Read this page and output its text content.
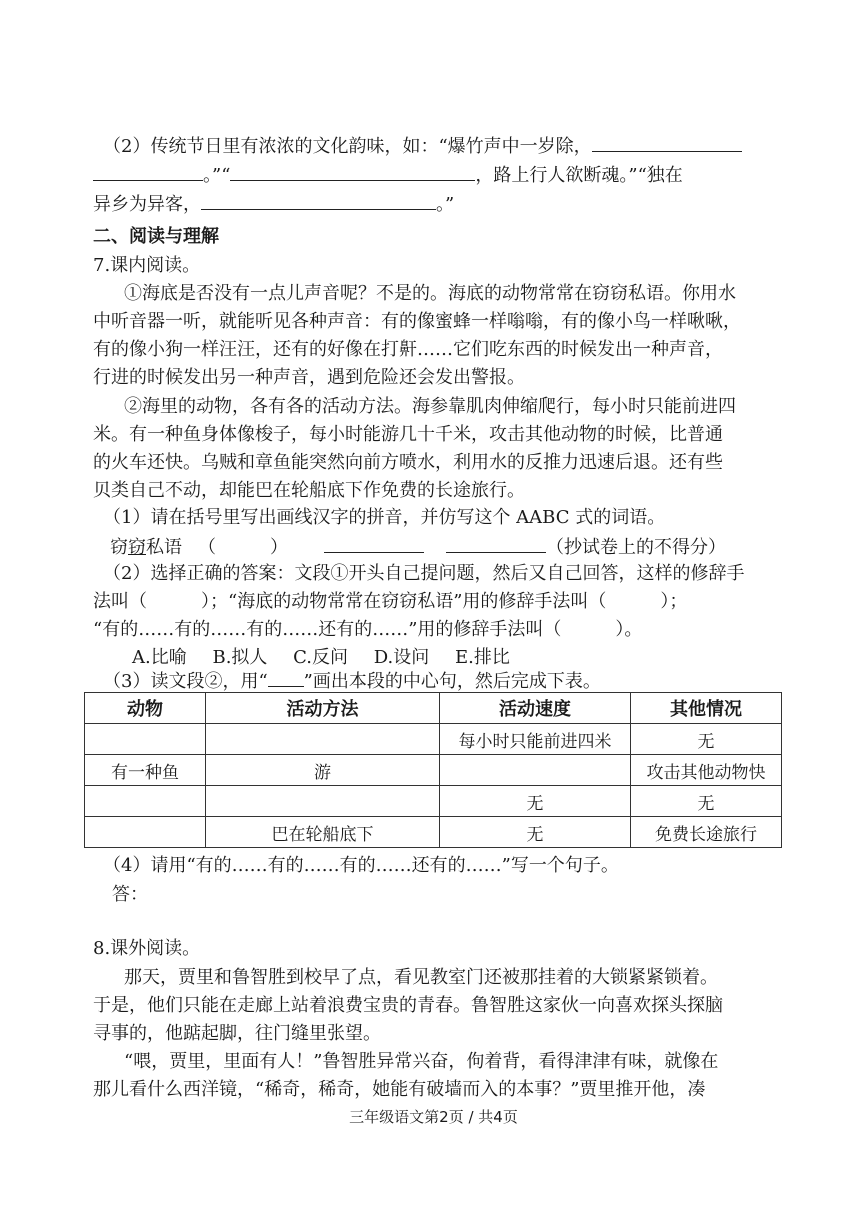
（2）传统节日里有浓浓的文化韵味，如：“爆竹声中一岁除，
。”“	，路上行人欲断魂。”“独在
异乡为异客，	。”
二、阅读与理解
7.课内阅读。
①海底是否没有一点儿声音呢？不是的。海底的动物常常在窃窃私语。你用水
中听音器一听，就能听见各种声音：有的像蜜蜂一样嗡嗡，有的像小鸟一样啾啾，
有的像小狗一样汪汪，还有的好像在打鼾……它们吃东西的时候发出一种声音，
行进的时候发出另一种声音，遇到危险还会发出警报。
②海里的动物，各有各的活动方法。海参靠肌肉伸缩爬行，每小时只能前进四
米。有一种鱼身体像梭子，每小时能游几十千米，攻击其他动物的时候，比普通
的火车还快。乌贼和章鱼能突然向前方喷水，利用水的反推力迅速后退。还有些
贝类自己不动，却能巴在轮船底下作免费的长途旅行。
（1）请在括号里写出画线汉字的拼音，并仿写这个 AABC 式的词语。
窃窃私语 （　　　）	（抄试卷上的不得分）
（2）选择正确的答案：文段①开头自己提问题，然后又自己回答，这样的修辞手
法叫（　　　）；“海底的动物常常在窃窃私语”用的修辞手法叫（　　　）；
“有的……有的……有的……还有的……”用的修辞手法叫（　　　）。
A.比喻 B.拟人 C.反问 D.设问 E.排比
（3）读文段②，用“ ”画出本段的中心句，然后完成下表。
动物	活动方法	活动速度	其他情况
		每小时只能前进四米	无
有一种鱼	游		攻击其他动物快
		无	无
	巴在轮船底下	无	免费长途旅行
（4）请用“有的……有的……有的……还有的……”写一个句子。
答：
8.课外阅读。
那天，贾里和鲁智胜到校早了点，看见教室门还被那挂着的大锁紧紧锁着。
于是，他们只能在走廊上站着浪费宝贵的青春。鲁智胜这家伙一向喜欢探头探脑
寻事的，他踮起脚，往门缝里张望。
“喂，贾里，里面有人！”鲁智胜异常兴奋，佝着背，看得津津有味，就像在
那儿看什么西洋镜，“稀奇，稀奇，她能有破墙而入的本事？”贾里推开他，凑
三年级语文第2页 / 共4页
